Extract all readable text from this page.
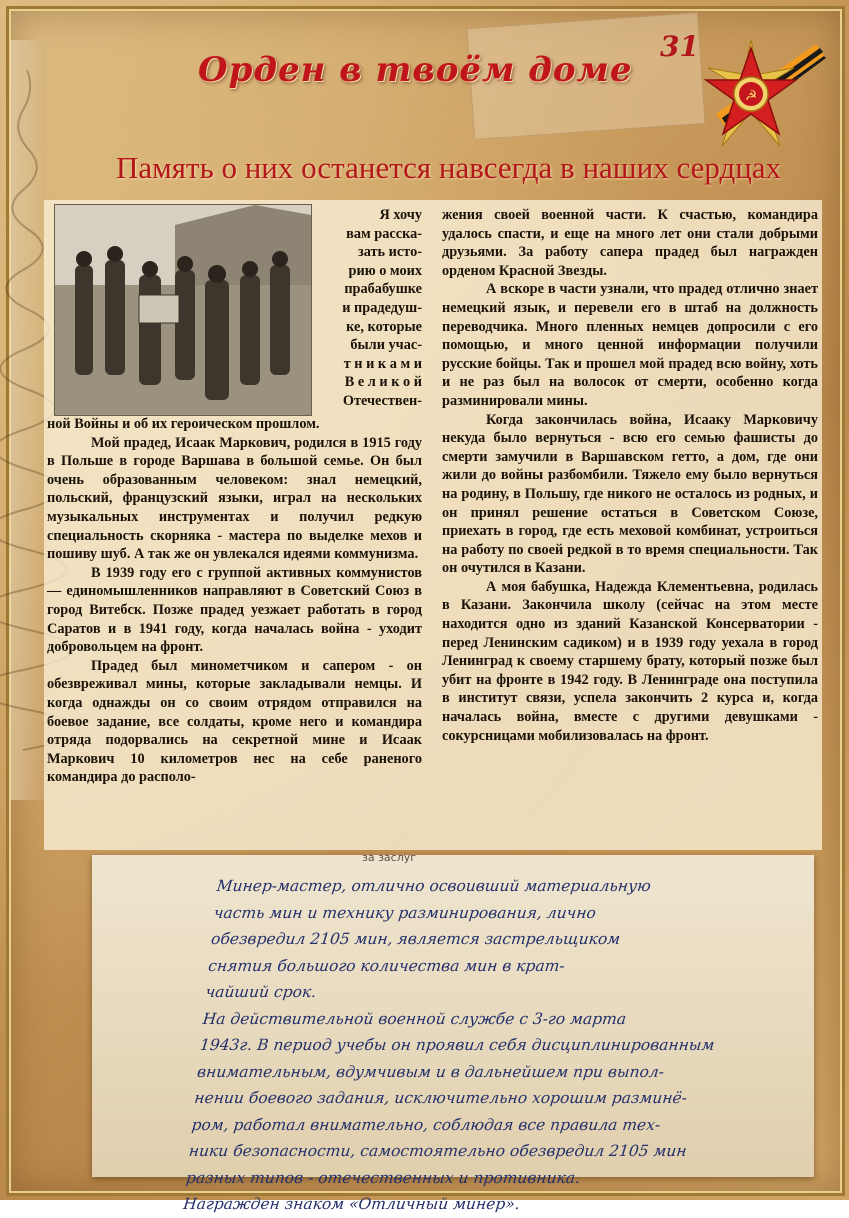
Орден в твоём доме
31
☭
Память о них останется навсегда в наших сердцах
Я хочу
вам расска-
зать исто-
рию о моих
прабабушке
и прадедуш-
ке, которые
были учас-
т н и к а м и
В е л и к о й
Отечествен-

ной Войны и об их героическом прошлом.

Мой прадед, Исаак Маркович, родился в 1915 году в Польше в городе Варшава в большой семье. Он был очень образованным человеком: знал немецкий, польский, французский языки, играл на нескольких музыкальных инструментах и получил редкую специальность скорняка - мастера по выделке мехов и пошиву шуб. А так же он увлекался идеями коммунизма.

В 1939 году его с группой активных коммунистов — единомышленников направляют в Советский Союз в город Витебск. Позже прадед уезжает работать в город Саратов и в 1941 году, когда началась война - уходит добровольцем на фронт.

Прадед был минометчиком и сапером - он обезвреживал мины, которые закладывали немцы. И когда однажды он со своим отрядом отправился на боевое задание, все солдаты, кроме него и командира отряда подорвались на секретной мине и Исаак Маркович 10 километров нес на себе раненого командира до располо-

жения своей военной части. К счастью, командира удалось спасти, и еще на много лет они стали добрыми друзьями. За работу сапера прадед был награжден орденом Красной Звезды.

А вскоре в части узнали, что прадед отлично знает немецкий язык, и перевели его в штаб на должность переводчика. Много пленных немцев допросили с его помощью, и много ценной информации получили русские бойцы. Так и прошел мой прадед всю войну, хоть и не раз был на волосок от смерти, особенно когда разминировали мины.

Когда закончилась война, Исааку Марковичу некуда было вернуться - всю его семью фашисты до смерти замучили в Варшавском гетто, а дом, где они жили до войны разбомбили. Тяжело ему было вернуться на родину, в Польшу, где никого не осталось из родных, и он принял решение остаться в Советском Союзе, приехать в город, где есть меховой комбинат, устроиться на работу по своей редкой в то время специальности. Так он очутился в Казани.

А моя бабушка, Надежда Клементьевна, родилась в Казани. Закончила школу (сейчас на этом месте находится одно из зданий Казанской Консерватории - перед Ленинским садиком) и в 1939 году уехала в город Ленинград к своему старшему брату, который позже был убит на фронте в 1942 году. В Ленинграде она поступила в институт связи, успела закончить 2 курса и, когда началась война, вместе с другими девушками - сокурсницами мобилизовалась на фронт.

за заслуг
Минер-мастер, отлично освоивший материальную
часть мин и технику разминирования, лично
обезвредил 2105 мин, является застрельщиком
снятия большого количества мин в крат-
чайший срок.
На действительной военной службе с 3-го марта
1943г. В период учебы он проявил себя дисциплинированным
внимательным, вдумчивым и в дальнейшем при выпол-
нении боевого задания, исключительно хорошим разминё-
ром, работал внимательно, соблюдая все правила тех-
ники безопасности, самостоятельно обезвредил 2105 мин
разных типов - отечественных и противника.
Награжден знаком «Отличный минер».
